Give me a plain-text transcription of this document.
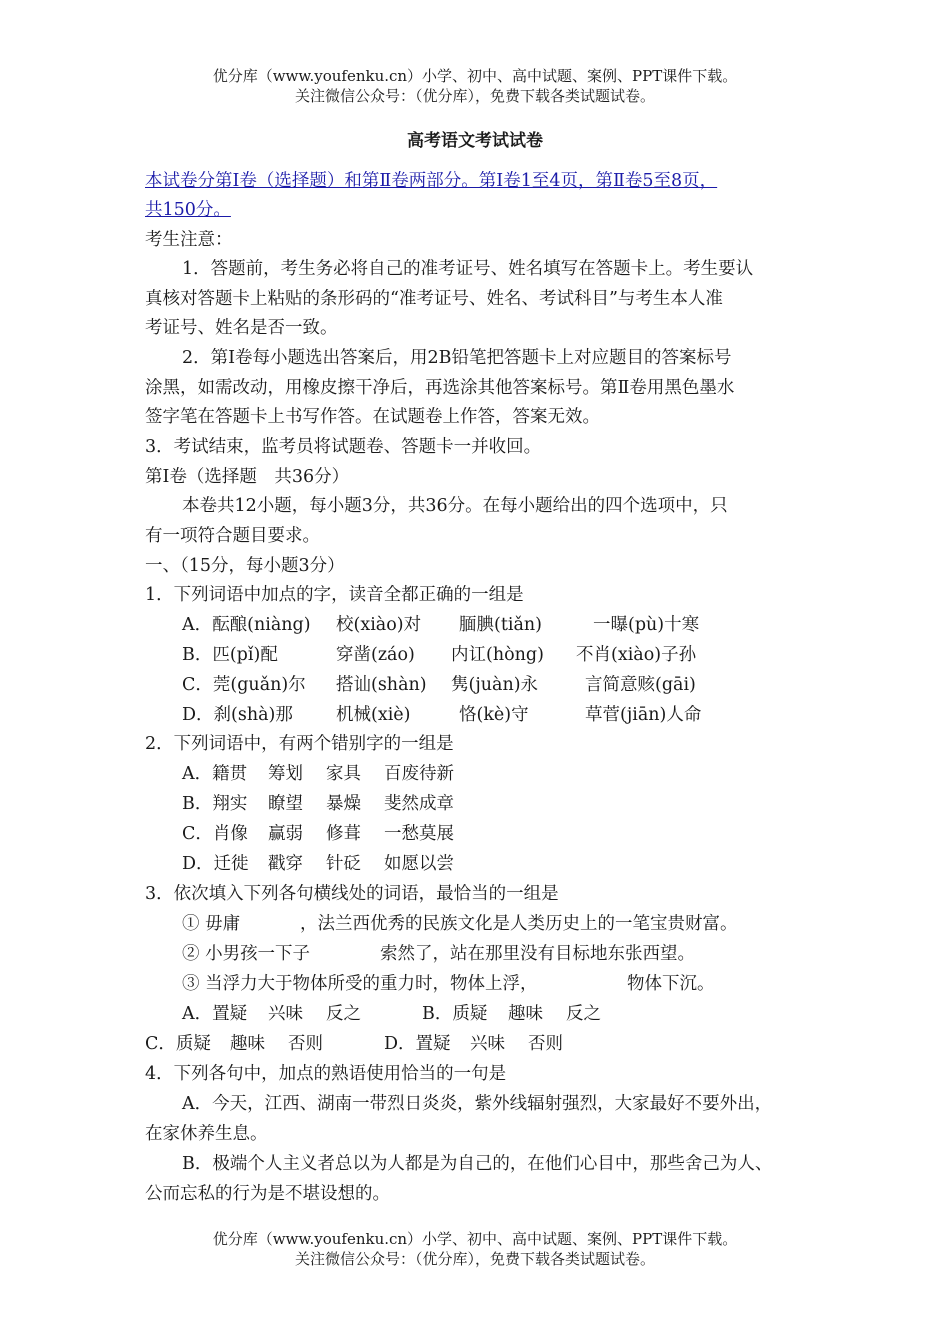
优分库（www.youfenku.cn）小学、初中、高中试题、案例、PPT课件下载。
关注微信公众号：（优分库），免费下载各类试题试卷。
高考语文考试试卷
本试卷分第Ⅰ卷（选择题）和第Ⅱ卷两部分。第Ⅰ卷1至4页，第Ⅱ卷5至8页，
共150分。
考生注意：
1．答题前，考生务必将自己的准考证号、姓名填写在答题卡上。考生要认
真核对答题卡上粘贴的条形码的“准考证号、姓名、考试科目”与考生本人准
考证号、姓名是否一致。
2．第Ⅰ卷每小题选出答案后，用2B铅笔把答题卡上对应题目的答案标号
涂黑，如需改动，用橡皮擦干净后，再选涂其他答案标号。第Ⅱ卷用黑色墨水
签字笔在答题卡上书写作答。在试题卷上作答，答案无效。
3．考试结束，监考员将试题卷、答题卡一并收回。
第Ⅰ卷（选择题　共36分）
本卷共12小题，每小题3分，共36分。在每小题给出的四个选项中，只
有一项符合题目要求。
一、（15分，每小题3分）
1．下列词语中加点的字，读音全都正确的一组是
A．酝酿(niàng) 校(xiào)对 腼腆(tiǎn)	一曝(pù)十寒
B．匹(pǐ)配	穿凿(záo) 内讧(hòng) 不肖(xiào)子孙
C．莞(guǎn)尔 搭讪(shàn) 隽(juàn)永	言简意赅(gāi)
D．刹(shà)那 机械(xiè)	恪(kè)守	草菅(jiān)人命
2．下列词语中，有两个错别字的一组是
A．籍贯 筹划 家具 百废待新
B．翔实 瞭望 暴燥 斐然成章
C．肖像 赢弱 修葺 一愁莫展
D．迁徙 戳穿 针砭 如愿以尝
3．依次填入下列各句横线处的词语，最恰当的一组是
① 毋庸	，法兰西优秀的民族文化是人类历史上的一笔宝贵财富。
② 小男孩一下子	索然了，站在那里没有目标地东张西望。
③ 当浮力大于物体所受的重力时，物体上浮，	物体下沉。
A．置疑 兴味 反之	B．质疑 趣味 反之
C．质疑 趣味 否则	D．置疑 兴味 否则
4．下列各句中，加点的熟语使用恰当的一句是
A．今天，江西、湖南一带烈日炎炎，紫外线辐射强烈，大家最好不要外出，
在家休养生息。
B．极端个人主义者总以为人都是为自己的，在他们心目中，那些舍己为人、
公而忘私的行为是不堪设想的。
优分库（www.youfenku.cn）小学、初中、高中试题、案例、PPT课件下载。
关注微信公众号：（优分库），免费下载各类试题试卷。
